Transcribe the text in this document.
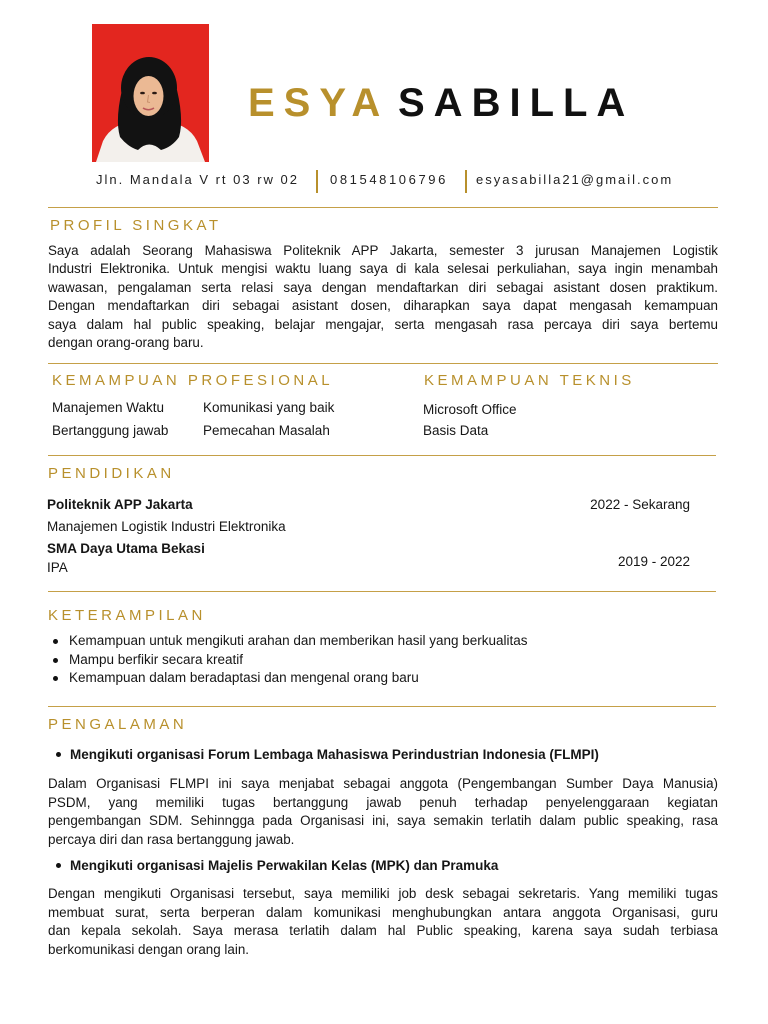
ESYA SABILLA
Jln. Mandala V rt 03 rw 02 081548106796 esyasabilla21@gmail.com
PROFIL SINGKAT
Saya adalah Seorang Mahasiswa Politeknik APP Jakarta, semester 3 jurusan Manajemen Logistik
Industri Elektronika. Untuk mengisi waktu luang saya di kala selesai perkuliahan, saya ingin menambah
wawasan, pengalaman serta relasi saya dengan mendaftarkan diri sebagai asistant dosen praktikum.
Dengan mendaftarkan diri sebagai asistant dosen, diharapkan saya dapat mengasah kemampuan
saya dalam hal public speaking, belajar mengajar, serta mengasah rasa percaya diri saya bertemu
dengan orang-orang baru.
KEMAMPUAN PROFESIONAL	KEMAMPUAN TEKNIS
Manajemen Waktu	Komunikasi yang baik
Bertanggung jawab	Pemecahan Masalah
Microsoft Office
Basis Data
PENDIDIKAN
Politeknik APP Jakarta	2022 - Sekarang
Manajemen Logistik Industri Elektronika
SMA Daya Utama Bekasi
IPA	2019 - 2022
KETERAMPILAN
Kemampuan untuk mengikuti arahan dan memberikan hasil yang berkualitas
Mampu berfikir secara kreatif
Kemampuan dalam beradaptasi dan mengenal orang baru
PENGALAMAN
Mengikuti organisasi Forum Lembaga Mahasiswa Perindustrian Indonesia (FLMPI)
Dalam Organisasi FLMPI ini saya menjabat sebagai anggota (Pengembangan Sumber Daya Manusia)
PSDM, yang memiliki tugas bertanggung jawab penuh terhadap penyelenggaraan kegiatan
pengembangan SDM. Sehinngga pada Organisasi ini, saya semakin terlatih dalam public speaking, rasa
percaya diri dan rasa bertanggung jawab.
Mengikuti organisasi Majelis Perwakilan Kelas (MPK) dan Pramuka
Dengan mengikuti Organisasi tersebut, saya memiliki job desk sebagai sekretaris. Yang memiliki tugas
membuat surat, serta berperan dalam komunikasi menghubungkan antara anggota Organisasi, guru
dan kepala sekolah. Saya merasa terlatih dalam hal Public speaking, karena saya sudah terbiasa
berkomunikasi dengan orang lain.
